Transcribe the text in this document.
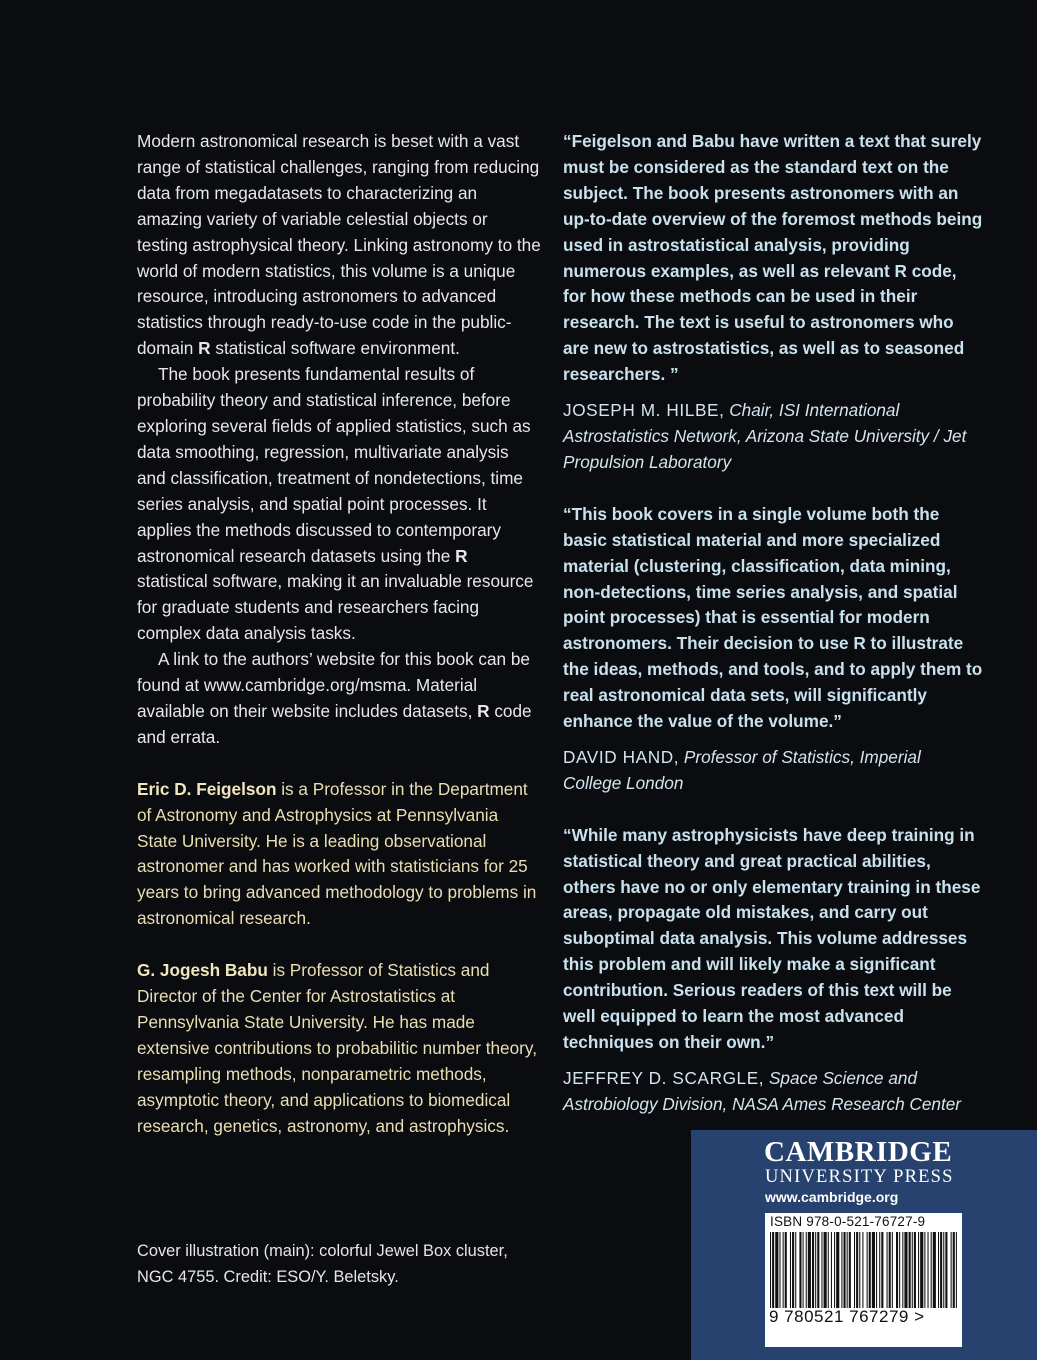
Modern astronomical research is beset with a vast range of statistical challenges, ranging from reducing data from megadatasets to characterizing an amazing variety of variable celestial objects or testing astrophysical theory. Linking astronomy to the world of modern statistics, this volume is a unique resource, introducing astronomers to advanced statistics through ready-to-use code in the public-domain R statistical software environment.

The book presents fundamental results of probability theory and statistical inference, before exploring several fields of applied statistics, such as data smoothing, regression, multivariate analysis and classification, treatment of nondetections, time series analysis, and spatial point processes. It applies the methods discussed to contemporary astronomical research datasets using the R statistical software, making it an invaluable resource for graduate students and researchers facing complex data analysis tasks.

A link to the authors’ website for this book can be found at www.cambridge.org/msma. Material available on their website includes datasets, R code and errata.

Eric D. Feigelson is a Professor in the Department of Astronomy and Astrophysics at Pennsylvania State University. He is a leading observational astronomer and has worked with statisticians for 25 years to bring advanced methodology to problems in astronomical research.

G. Jogesh Babu is Professor of Statistics and Director of the Center for Astrostatistics at Pennsylvania State University. He has made extensive contributions to probabilitic number theory, resampling methods, nonparametric methods, asymptotic theory, and applications to biomedical research, genetics, astronomy, and astrophysics.

Cover illustration (main): colorful Jewel Box cluster, NGC 4755. Credit: ESO/Y. Beletsky.

“Feigelson and Babu have written a text that surely must be considered as the standard text on the subject. The book presents astronomers with an up-to-date overview of the foremost methods being used in astrostatistical analysis, providing numerous examples, as well as relevant R code, for how these methods can be used in their research. The text is useful to astronomers who are new to astrostatistics, as well as to seasoned researchers. ”

JOSEPH M. HILBE, Chair, ISI International Astrostatistics Network, Arizona State University / Jet Propulsion Laboratory

“This book covers in a single volume both the basic statistical material and more specialized material (clustering, classification, data mining, non-detections, time series analysis, and spatial point processes) that is essential for modern astronomers. Their decision to use R to illustrate the ideas, methods, and tools, and to apply them to real astronomical data sets, will significantly enhance the value of the volume.”

DAVID HAND, Professor of Statistics, Imperial College London

“While many astrophysicists have deep training in statistical theory and great practical abilities, others have no or only elementary training in these areas, propagate old mistakes, and carry out suboptimal data analysis. This volume addresses this problem and will likely make a significant contribution. Serious readers of this text will be well equipped to learn the most advanced techniques on their own.”

JEFFREY D. SCARGLE, Space Science and Astrobiology Division, NASA Ames Research Center

CAMBRIDGE
UNIVERSITY PRESS
www.cambridge.org
ISBN 978-0-521-76727-9
9 780521 767279 >
